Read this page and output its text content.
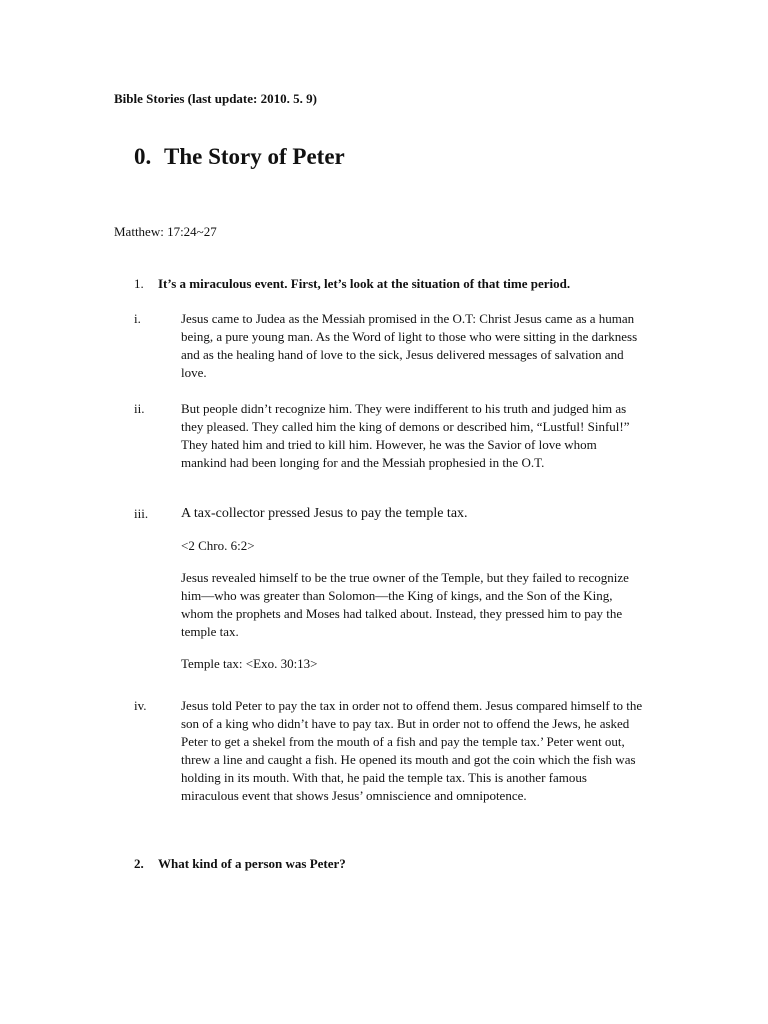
Bible Stories (last update: 2010. 5. 9)
0. The Story of Peter
Matthew: 17:24~27
1. It’s a miraculous event. First, let’s look at the situation of that time period.
i.	Jesus came to Judea as the Messiah promised in the O.T: Christ Jesus came as a human being, a pure young man. As the Word of light to those who were sitting in the darkness and as the healing hand of love to the sick, Jesus delivered messages of salvation and love.

ii.	But people didn’t recognize him. They were indifferent to his truth and judged him as they pleased. They called him the king of demons or described him, “Lustful! Sinful!” They hated him and tried to kill him. However, he was the Savior of love whom mankind had been longing for and the Messiah prophesied in the O.T.

iii. A tax-collector pressed Jesus to pay the temple tax.

<2 Chro. 6:2>

Jesus revealed himself to be the true owner of the Temple, but they failed to recognize him—who was greater than Solomon—the King of kings, and the Son of the King, whom the prophets and Moses had talked about. Instead, they pressed him to pay the temple tax.

Temple tax: <Exo. 30:13>

iv.	Jesus told Peter to pay the tax in order not to offend them. Jesus compared himself to the son of a king who didn’t have to pay tax. But in order not to offend the Jews, he asked Peter to get a shekel from the mouth of a fish and pay the temple tax.’ Peter went out, threw a line and caught a fish. He opened its mouth and got the coin which the fish was holding in its mouth. With that, he paid the temple tax. This is another famous miraculous event that shows Jesus’ omniscience and omnipotence.

2. What kind of a person was Peter?
